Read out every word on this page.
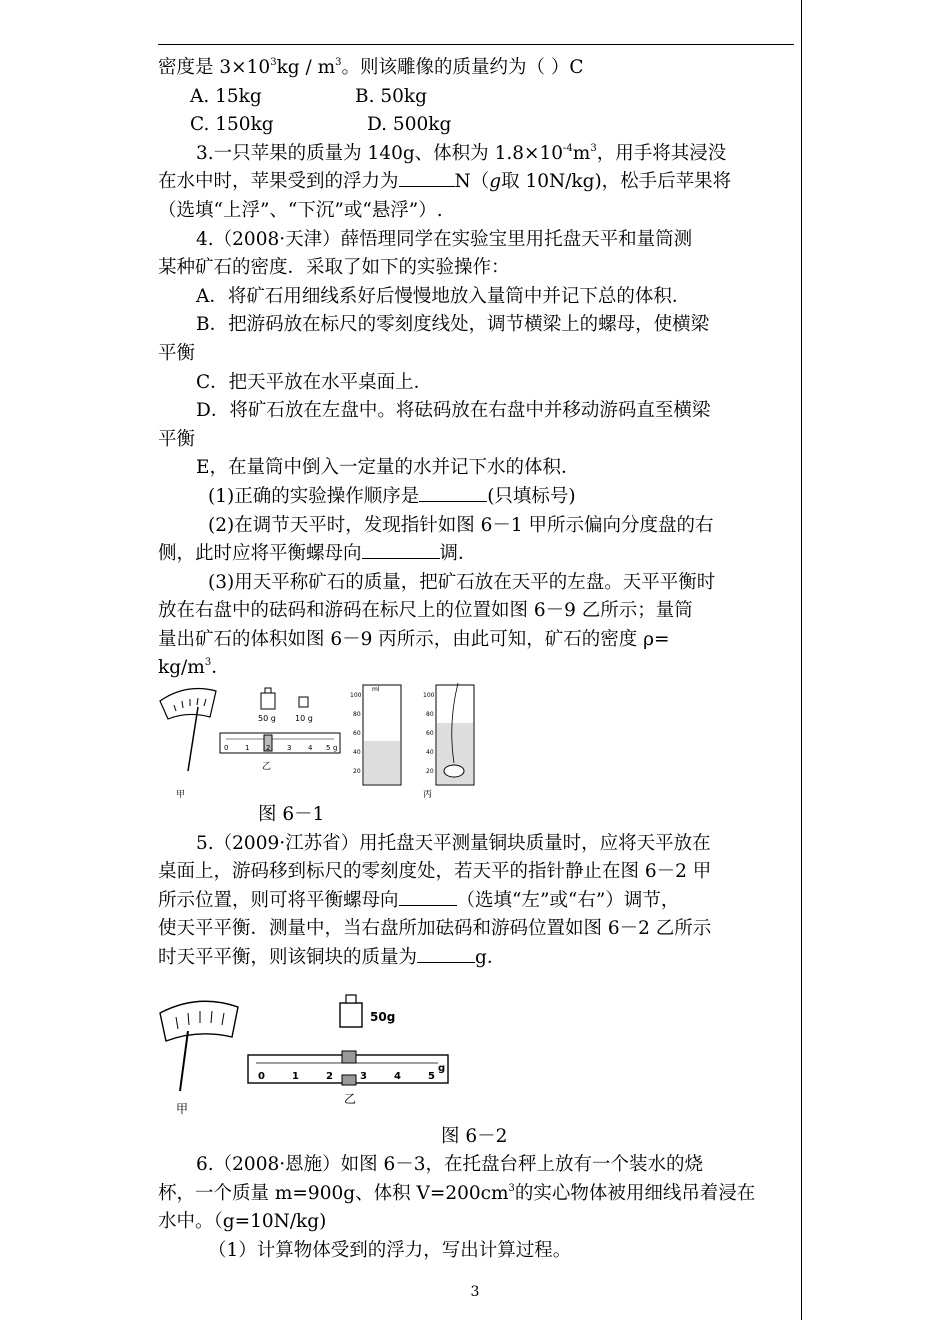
密度是 $3\times 10^3kg / m^3$。则该雕像的质量约为（ ）C
A. 15kg	B. 50kg
C. 150kg	D. 500kg
3.一只苹果的质量为 140g、体积为 $1.8\times 10^{-4}m^3$，用手将其浸没
在水中时，苹果受到的浮力为	N（g取 10N/kg)，松手后苹果将
（选填“上浮”、“下沉”或“悬浮”）.
4.（2008·天津）薛悟理同学在实验宝里用托盘天平和量筒测
某种矿石的密度．采取了如下的实验操作：
A．将矿石用细线系好后慢慢地放入量筒中并记下总的体积．
B．把游码放在标尺的零刻度线处，调节横梁上的螺母，使横梁
平衡
C．把天平放在水平桌面上．
D．将矿石放在左盘中。将砝码放在右盘中并移动游码直至横梁
平衡
E，在量筒中倒入一定量的水并记下水的体积．
(1)正确的实验操作顺序是	(只填标号)
(2)在调节天平时，发现指针如图 6－1 甲所示偏向分度盘的右
侧，此时应将平衡螺母向	调．
(3)用天平称矿石的质量，把矿石放在天平的左盘。天平平衡时
放在右盘中的砝码和游码在标尺上的位置如图 6－9 乙所示；量筒
量出矿石的体积如图 6－9 丙所示，由此可知，矿石的密度 ρ=
$kg/m^3$．
甲
50 g 10 g
0 1 2 3 4 5 g
乙
ml
100
80
60
40
20
100
80
60
40
20
丙
图 6－1
5.（2009·江苏省）用托盘天平测量铜块质量时，应将天平放在
桌面上，游码移到标尺的零刻度处，若天平的指针静止在图 6－2 甲
所示位置，则可将平衡螺母向	（选填“左”或“右”）调节，
使天平平衡．测量中，当右盘所加砝码和游码位置如图 6－2 乙所示
时天平平衡，则该铜块的质量为	g．
甲
50g
0	1	2	3	4	5
g
乙
图 6－2
6.（2008·恩施）如图 6－3，在托盘台秤上放有一个装水的烧
杯，一个质量 m=900g、体积 $V=200cm^3$的实心物体被用细线吊着浸在
水中。（g=10N/kg)
（1）计算物体受到的浮力，写出计算过程。
3
